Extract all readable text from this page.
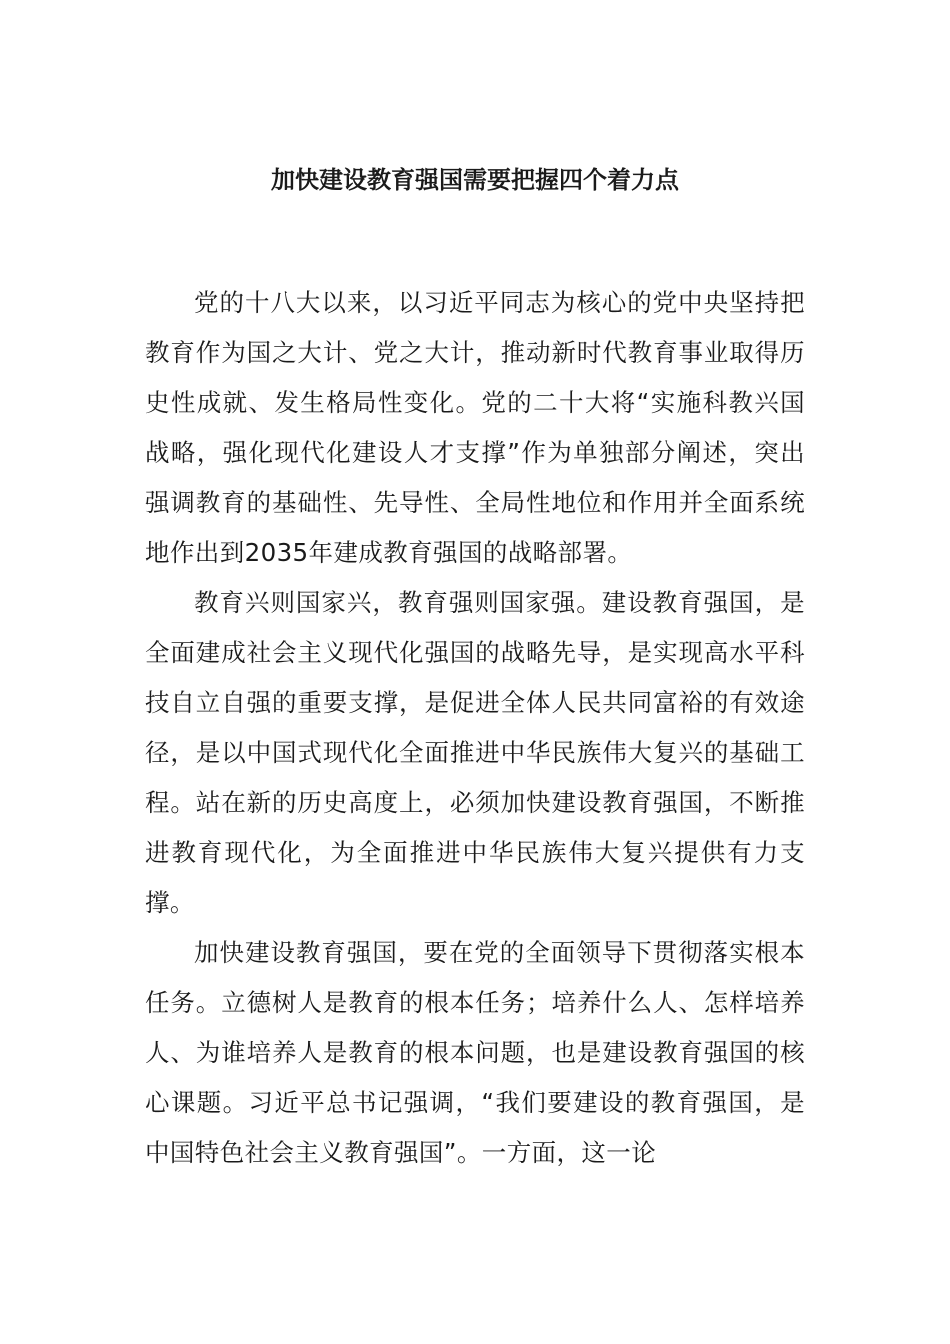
加快建设教育强国需要把握四个着力点

党的十八大以来，以习近平同志为核心的党中央坚持把教育作为国之大计、党之大计，推动新时代教育事业取得历史性成就、发生格局性变化。党的二十大将“实施科教兴国战略，强化现代化建设人才支撑”作为单独部分阐述，突出强调教育的基础性、先导性、全局性地位和作用并全面系统地作出到2035年建成教育强国的战略部署。

教育兴则国家兴，教育强则国家强。建设教育强国，是全面建成社会主义现代化强国的战略先导，是实现高水平科技自立自强的重要支撑，是促进全体人民共同富裕的有效途径，是以中国式现代化全面推进中华民族伟大复兴的基础工程。站在新的历史高度上，必须加快建设教育强国，不断推进教育现代化，为全面推进中华民族伟大复兴提供有力支撑。

加快建设教育强国，要在党的全面领导下贯彻落实根本任务。立德树人是教育的根本任务；培养什么人、怎样培养人、为谁培养人是教育的根本问题，也是建设教育强国的核心课题。习近平总书记强调，“我们要建设的教育强国，是中国特色社会主义教育强国”。一方面，这一论
